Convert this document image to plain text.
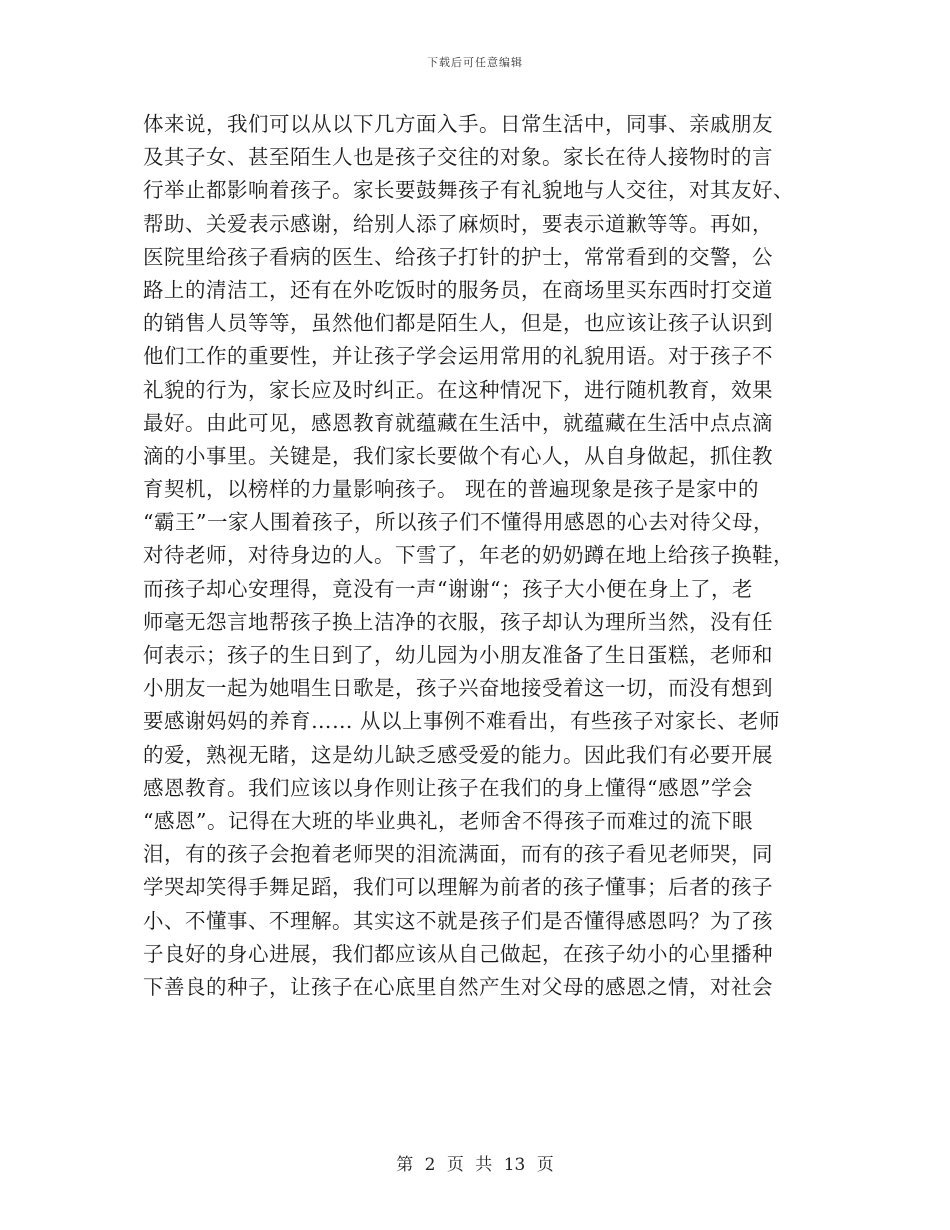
下载后可任意编辑
体来说，我们可以从以下几方面入手。日常生活中，同事、亲戚朋友
及其子女、甚至陌生人也是孩子交往的对象。家长在待人接物时的言
行举止都影响着孩子。家长要鼓舞孩子有礼貌地与人交往，对其友好、
帮助、关爱表示感谢，给别人添了麻烦时，要表示道歉等等。再如，
医院里给孩子看病的医生、给孩子打针的护士，常常看到的交警，公
路上的清洁工，还有在外吃饭时的服务员，在商场里买东西时打交道
的销售人员等等，虽然他们都是陌生人，但是，也应该让孩子认识到
他们工作的重要性，并让孩子学会运用常用的礼貌用语。对于孩子不
礼貌的行为，家长应及时纠正。在这种情况下，进行随机教育，效果
最好。由此可见，感恩教育就蕴藏在生活中，就蕴藏在生活中点点滴
滴的小事里。关键是，我们家长要做个有心人，从自身做起，抓住教
育契机，以榜样的力量影响孩子。 现在的普遍现象是孩子是家中的
“霸王”一家人围着孩子，所以孩子们不懂得用感恩的心去对待父母，
对待老师，对待身边的人。下雪了，年老的奶奶蹲在地上给孩子换鞋，
而孩子却心安理得，竟没有一声“谢谢“；孩子大小便在身上了，老
师毫无怨言地帮孩子换上洁净的衣服，孩子却认为理所当然，没有任
何表示；孩子的生日到了，幼儿园为小朋友准备了生日蛋糕，老师和
小朋友一起为她唱生日歌是，孩子兴奋地接受着这一切，而没有想到
要感谢妈妈的养育…… 从以上事例不难看出，有些孩子对家长、老师
的爱，熟视无睹，这是幼儿缺乏感受爱的能力。因此我们有必要开展
感恩教育。我们应该以身作则让孩子在我们的身上懂得“感恩”学会
“感恩”。记得在大班的毕业典礼，老师舍不得孩子而难过的流下眼
泪，有的孩子会抱着老师哭的泪流满面，而有的孩子看见老师哭，同
学哭却笑得手舞足蹈，我们可以理解为前者的孩子懂事；后者的孩子
小、不懂事、不理解。其实这不就是孩子们是否懂得感恩吗？为了孩
子良好的身心进展，我们都应该从自己做起，在孩子幼小的心里播种
下善良的种子，让孩子在心底里自然产生对父母的感恩之情，对社会
第 2 页 共 13 页
